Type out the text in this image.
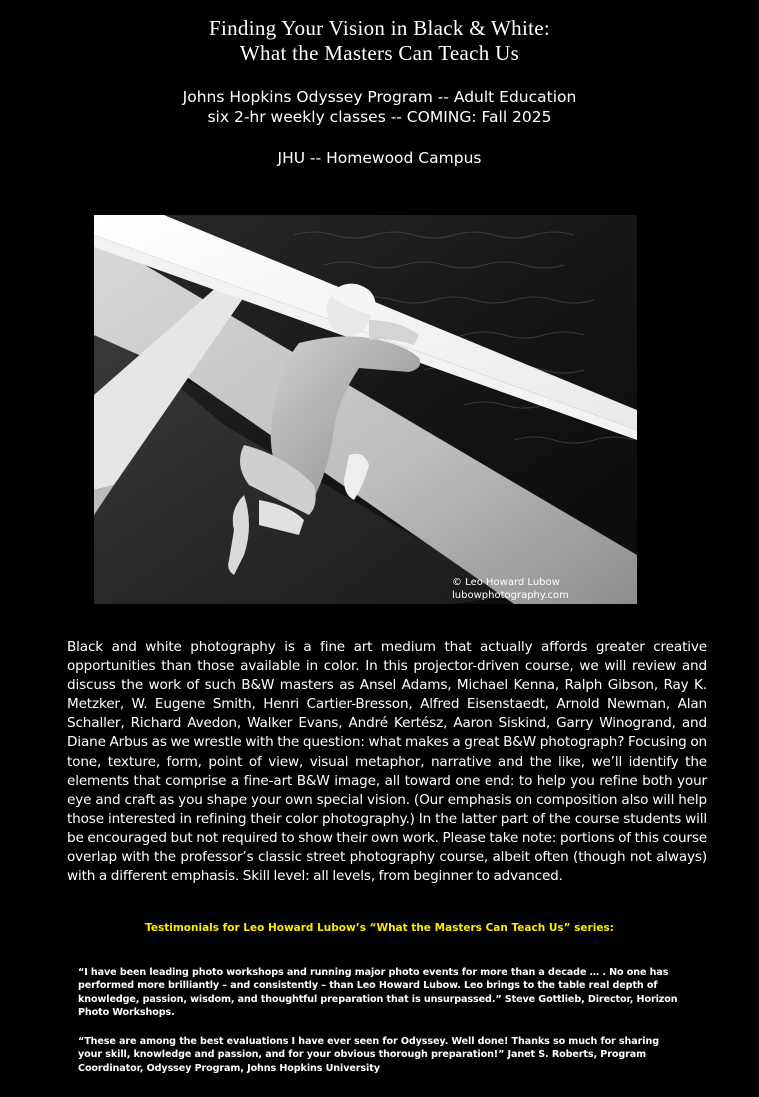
Finding Your Vision in Black & White:
What the Masters Can Teach Us
Johns Hopkins Odyssey Program -- Adult Education
six 2-hr weekly classes -- COMING: Fall 2025
JHU -- Homewood Campus
© Leo Howard Lubow
lubowphotography.com
Black and white photography is a fine art medium that actually affords greater creative opportunities than those available in color. In this projector-driven course, we will review and discuss the work of such B&W masters as Ansel Adams, Michael Kenna, Ralph Gibson, Ray K. Metzker, W. Eugene Smith, Henri Cartier-Bresson, Alfred Eisenstaedt, Arnold Newman, Alan Schaller, Richard Avedon, Walker Evans, André Kertész, Aaron Siskind, Garry Winogrand, and Diane Arbus as we wrestle with the question: what makes a great B&W photograph? Focusing on tone, texture, form, point of view, visual metaphor, narrative and the like, we’ll identify the elements that comprise a fine-art B&W image, all toward one end: to help you refine both your eye and craft as you shape your own special vision. (Our emphasis on composition also will help those interested in refining their color photography.) In the latter part of the course students will be encouraged but not required to show their own work. Please take note: portions of this course overlap with the professor’s classic street photography course, albeit often (though not always) with a different emphasis. Skill level: all levels, from beginner to advanced.
Testimonials for Leo Howard Lubow’s “What the Masters Can Teach Us” series:
“I have been leading photo workshops and running major photo events for more than a decade … . No one has performed more brilliantly – and consistently – than Leo Howard Lubow. Leo brings to the table real depth of knowledge, passion, wisdom, and thoughtful preparation that is unsurpassed.” Steve Gottlieb, Director, Horizon Photo Workshops.
“These are among the best evaluations I have ever seen for Odyssey. Well done! Thanks so much for sharing your skill, knowledge and passion, and for your obvious thorough preparation!” Janet S. Roberts, Program Coordinator, Odyssey Program, Johns Hopkins University
